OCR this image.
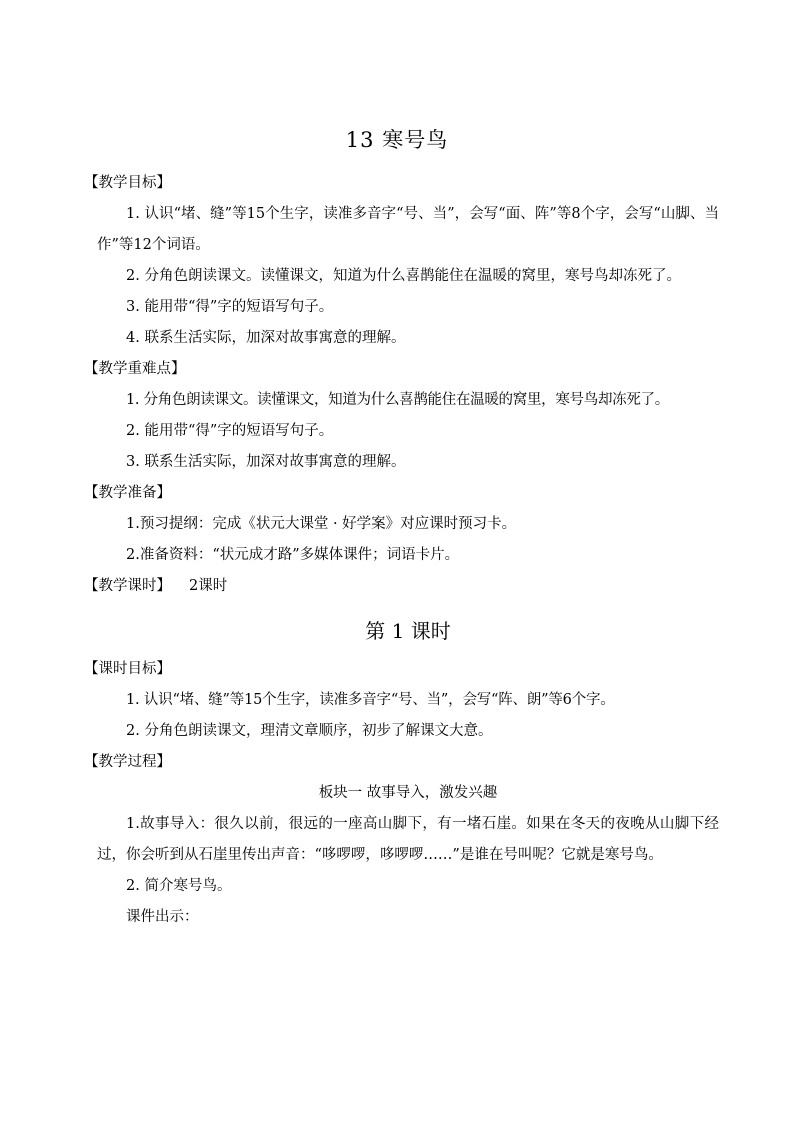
13 寒号鸟
【教学目标】
1. 认识“堵、缝”等15个生字，读准多音字“号、当”，会写“面、阵”等8个字，会写“山脚、当作”等12个词语。
2. 分角色朗读课文。读懂课文，知道为什么喜鹊能住在温暖的窝里，寒号鸟却冻死了。
3. 能用带“得”字的短语写句子。
4. 联系生活实际，加深对故事寓意的理解。
【教学重难点】
1. 分角色朗读课文。读懂课文，知道为什么喜鹊能住在温暖的窝里，寒号鸟却冻死了。
2. 能用带“得”字的短语写句子。
3. 联系生活实际，加深对故事寓意的理解。
【教学准备】
1.预习提纲：完成《状元大课堂 · 好学案》对应课时预习卡。
2.准备资料：“状元成才路”多媒体课件；词语卡片。
【教学课时】 2课时
第 1 课时
【课时目标】
1. 认识“堵、缝”等15个生字，读准多音字“号、当”，会写“阵、朗”等6个字。
2. 分角色朗读课文，理清文章顺序，初步了解课文大意。
【教学过程】
板块一 故事导入，激发兴趣
1.故事导入：很久以前，很远的一座高山脚下，有一堵石崖。如果在冬天的夜晚从山脚下经过，你会听到从石崖里传出声音：“哆啰啰，哆啰啰……”是谁在号叫呢？它就是寒号鸟。
2. 简介寒号鸟。
课件出示：
